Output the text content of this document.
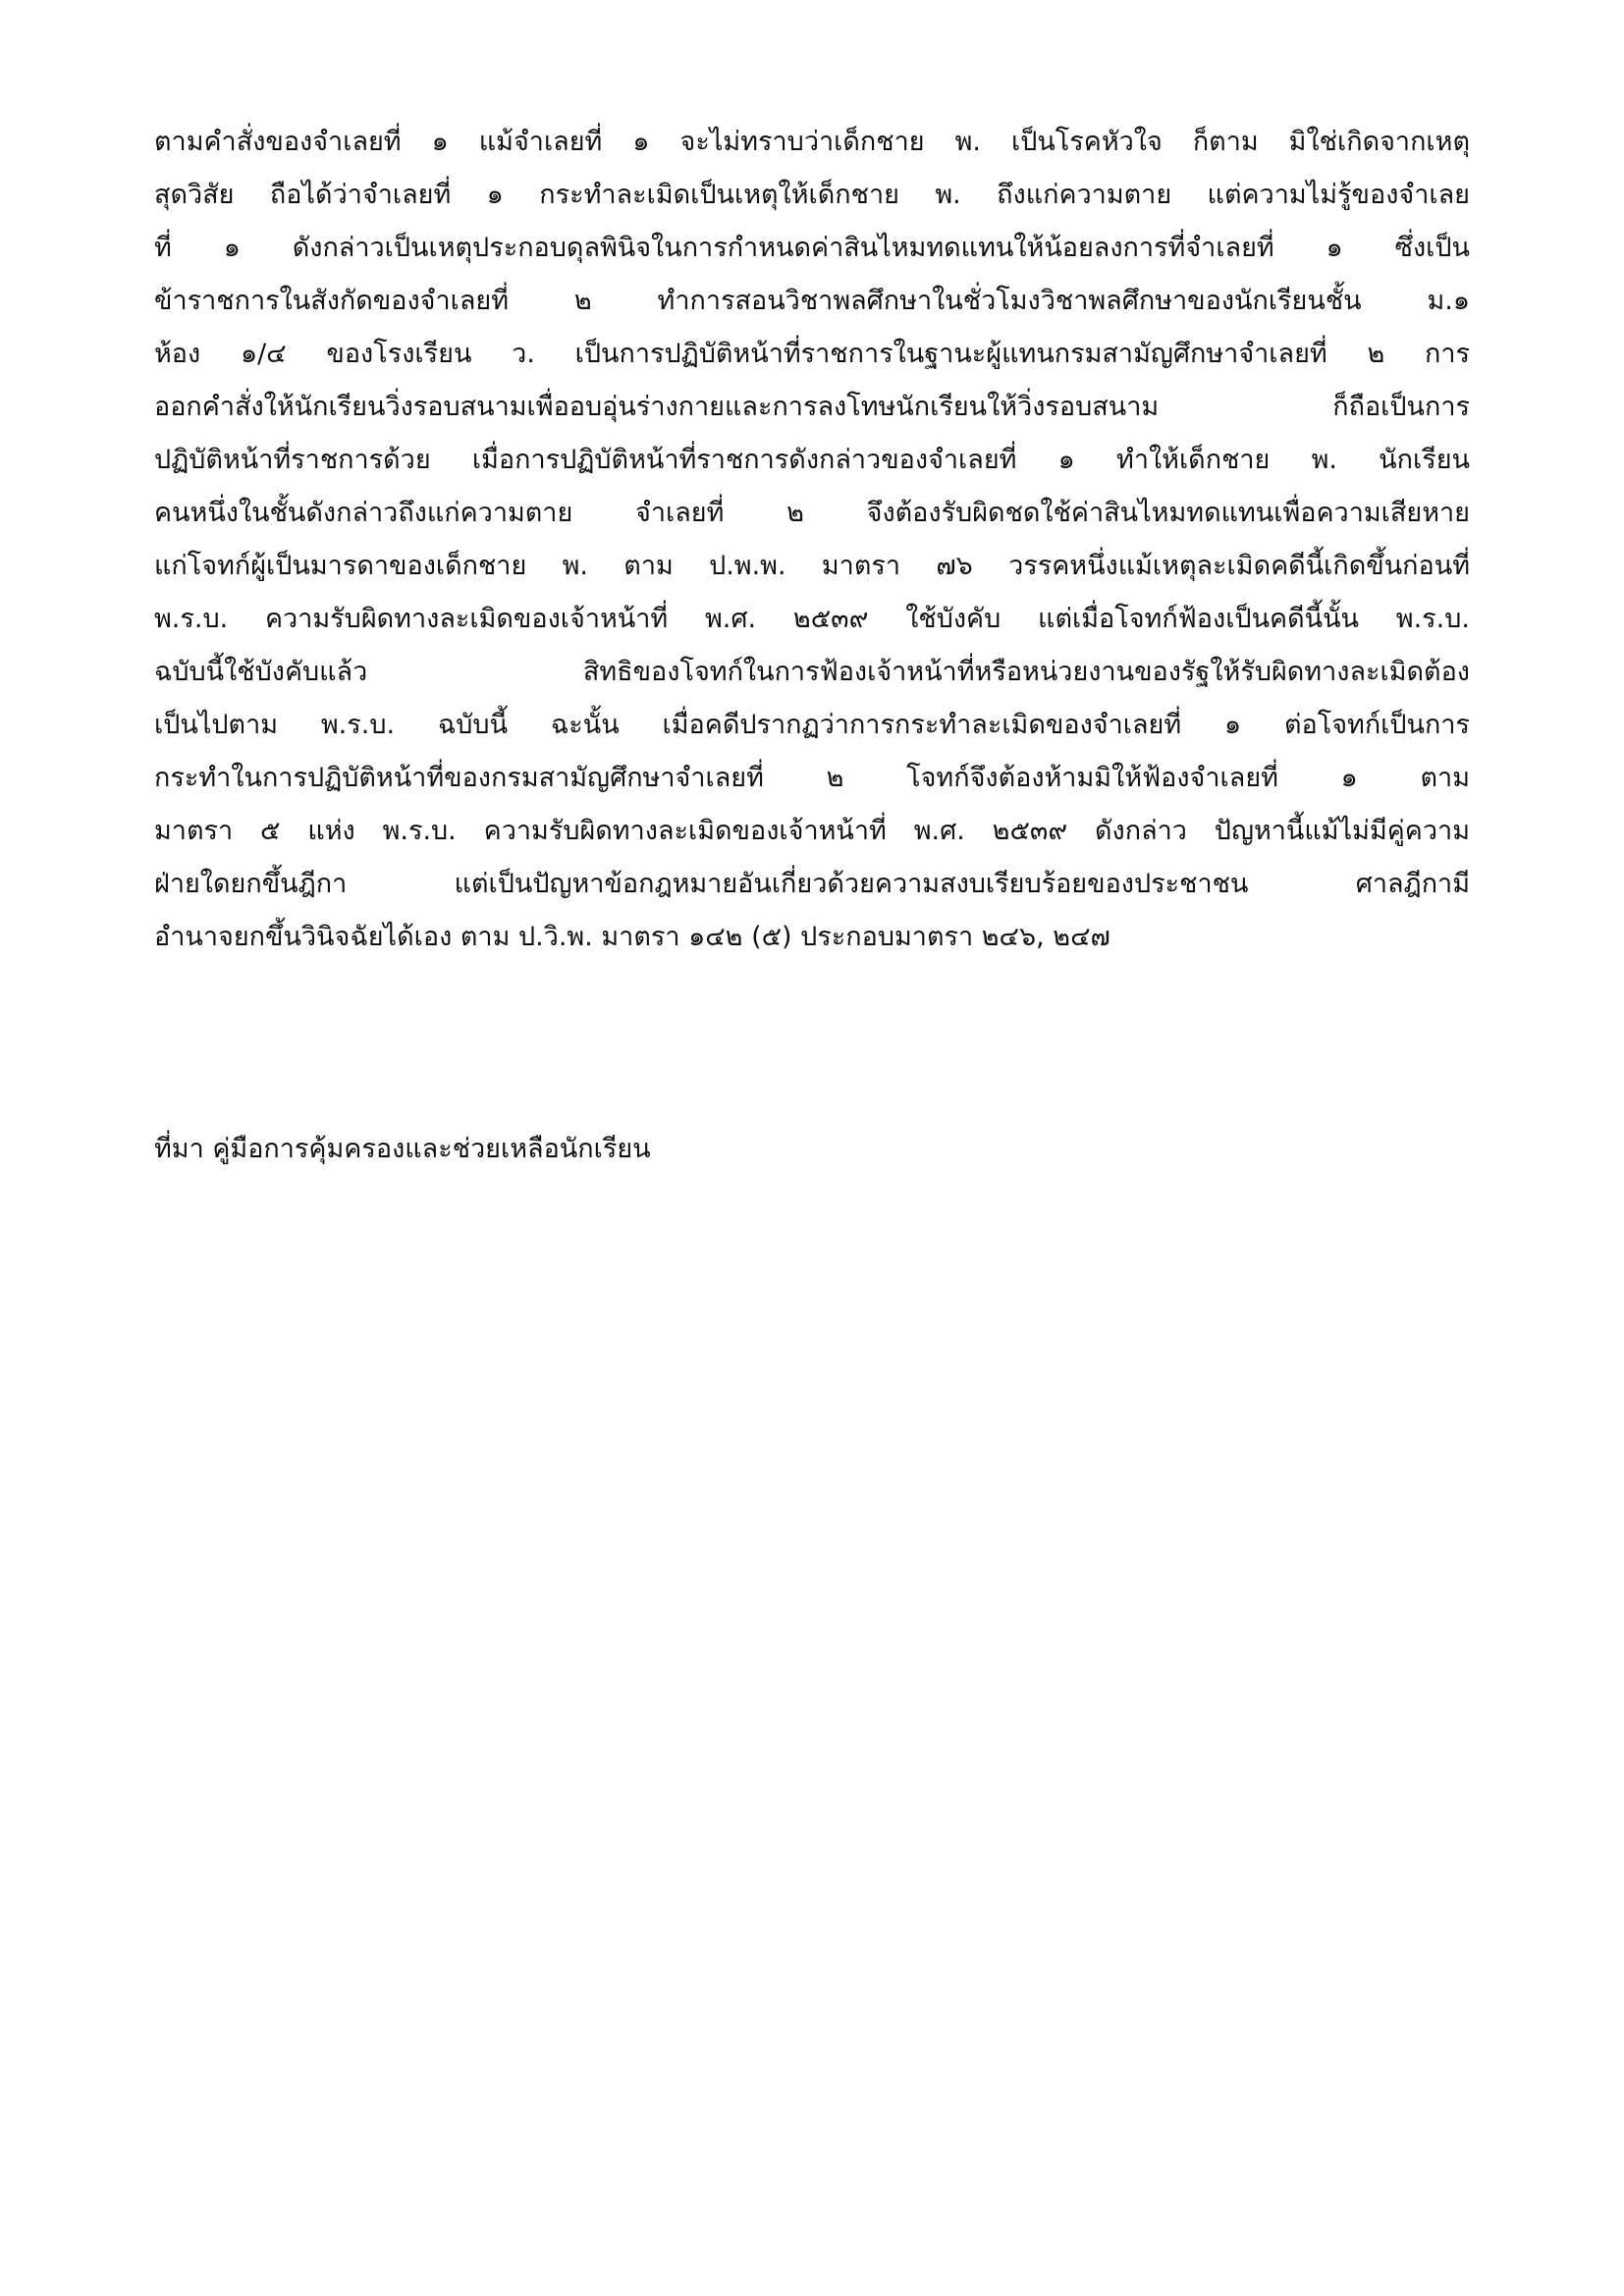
ตามคำสั่งของจำเลยที่ ๑ แม้จำเลยที่ ๑ จะไม่ทราบว่าเด็กชาย พ. เป็นโรคหัวใจ ก็ตาม มิใช่เกิดจากเหตุ
สุดวิสัย ถือได้ว่าจำเลยที่ ๑ กระทำละเมิดเป็นเหตุให้เด็กชาย พ. ถึงแก่ความตาย แต่ความไม่รู้ของจำเลย
ที่ ๑ ดังกล่าวเป็นเหตุประกอบดุลพินิจในการกำหนดค่าสินไหมทดแทนให้น้อยลงการที่จำเลยที่ ๑ ซึ่งเป็น
ข้าราชการในสังกัดของจำเลยที่ ๒ ทำการสอนวิชาพลศึกษาในชั่วโมงวิชาพลศึกษาของนักเรียนชั้น ม.๑
ห้อง ๑/๔ ของโรงเรียน ว. เป็นการปฏิบัติหน้าที่ราชการในฐานะผู้แทนกรมสามัญศึกษาจำเลยที่ ๒ การ
ออกคำสั่งให้นักเรียนวิ่งรอบสนามเพื่ออบอุ่นร่างกายและการลงโทษนักเรียนให้วิ่งรอบสนาม ก็ถือเป็นการ
ปฏิบัติหน้าที่ราชการด้วย เมื่อการปฏิบัติหน้าที่ราชการดังกล่าวของจำเลยที่ ๑ ทำให้เด็กชาย พ. นักเรียน
คนหนึ่งในชั้นดังกล่าวถึงแก่ความตาย จำเลยที่ ๒ จึงต้องรับผิดชดใช้ค่าสินไหมทดแทนเพื่อความเสียหาย
แก่โจทก์ผู้เป็นมารดาของเด็กชาย พ. ตาม ป.พ.พ. มาตรา ๗๖ วรรคหนึ่งแม้เหตุละเมิดคดีนี้เกิดขึ้นก่อนที่
พ.ร.บ. ความรับผิดทางละเมิดของเจ้าหน้าที่ พ.ศ. ๒๕๓๙ ใช้บังคับ แต่เมื่อโจทก์ฟ้องเป็นคดีนี้นั้น พ.ร.บ.
ฉบับนี้ใช้บังคับแล้ว สิทธิของโจทก์ในการฟ้องเจ้าหน้าที่หรือหน่วยงานของรัฐให้รับผิดทางละเมิดต้อง
เป็นไปตาม พ.ร.บ. ฉบับนี้ ฉะนั้น เมื่อคดีปรากฏว่าการกระทำละเมิดของจำเลยที่ ๑ ต่อโจทก์เป็นการ
กระทำในการปฏิบัติหน้าที่ของกรมสามัญศึกษาจำเลยที่ ๒ โจทก์จึงต้องห้ามมิให้ฟ้องจำเลยที่ ๑ ตาม
มาตรา ๕ แห่ง พ.ร.บ. ความรับผิดทางละเมิดของเจ้าหน้าที่ พ.ศ. ๒๕๓๙ ดังกล่าว ปัญหานี้แม้ไม่มีคู่ความ
ฝ่ายใดยกขึ้นฎีกา แต่เป็นปัญหาข้อกฎหมายอันเกี่ยวด้วยความสงบเรียบร้อยของประชาชน ศาลฎีกามี
อำนาจยกขึ้นวินิจฉัยได้เอง ตาม ป.วิ.พ. มาตรา ๑๔๒ (๕) ประกอบมาตรา ๒๔๖, ๒๔๗

ที่มา คู่มือการคุ้มครองและช่วยเหลือนักเรียน
